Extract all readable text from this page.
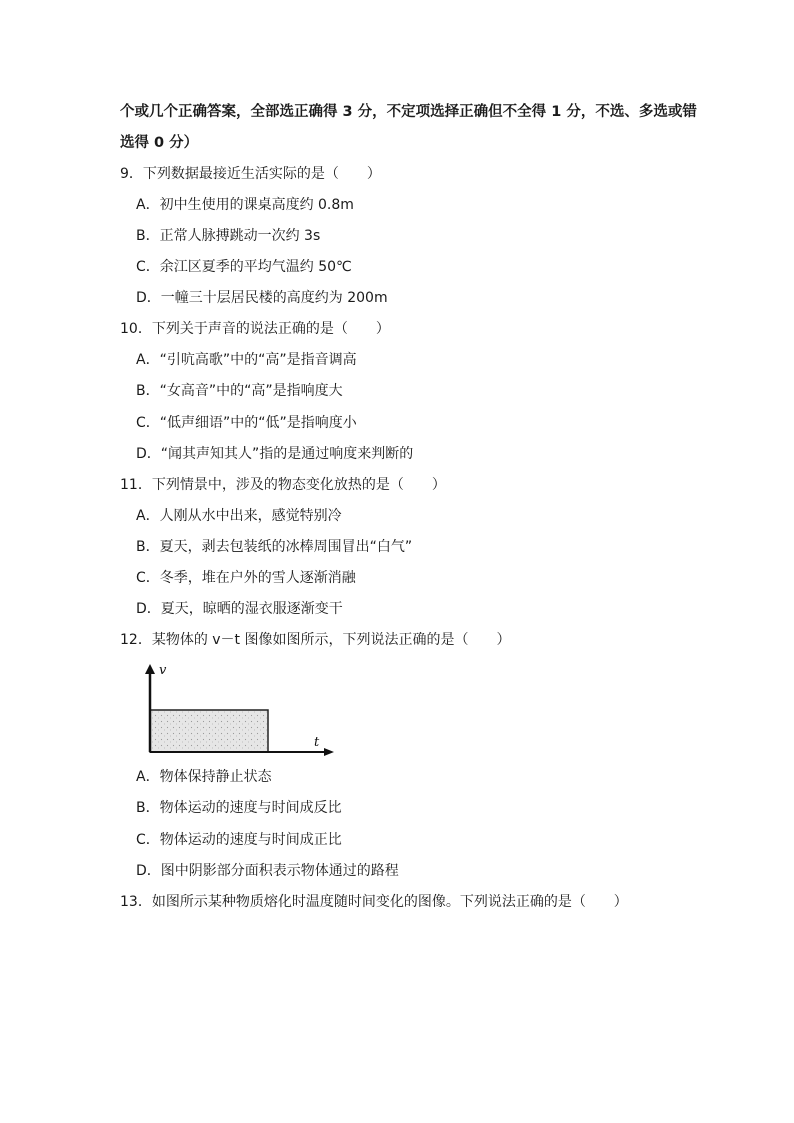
个或几个正确答案，全部选正确得 3 分，不定项选择正确但不全得 1 分，不选、多选或错
选得 0 分）
9．下列数据最接近生活实际的是（　　）
A．初中生使用的课桌高度约 0.8m
B．正常人脉搏跳动一次约 3s
C．余江区夏季的平均气温约 50℃
D．一幢三十层居民楼的高度约为 200m
10．下列关于声音的说法正确的是（　　）
A．“引吭高歌”中的“高”是指音调高
B．“女高音”中的“高”是指响度大
C．“低声细语”中的“低”是指响度小
D．“闻其声知其人”指的是通过响度来判断的
11．下列情景中，涉及的物态变化放热的是（　　）
A．人刚从水中出来，感觉特别冷
B．夏天，剥去包装纸的冰棒周围冒出“白气”
C．冬季，堆在户外的雪人逐渐消融
D．夏天，晾晒的湿衣服逐渐变干
12．某物体的 v－t 图像如图所示，下列说法正确的是（　　）
v
t
A．物体保持静止状态
B．物体运动的速度与时间成反比
C．物体运动的速度与时间成正比
D．图中阴影部分面积表示物体通过的路程
13．如图所示某种物质熔化时温度随时间变化的图像。下列说法正确的是（　　）
